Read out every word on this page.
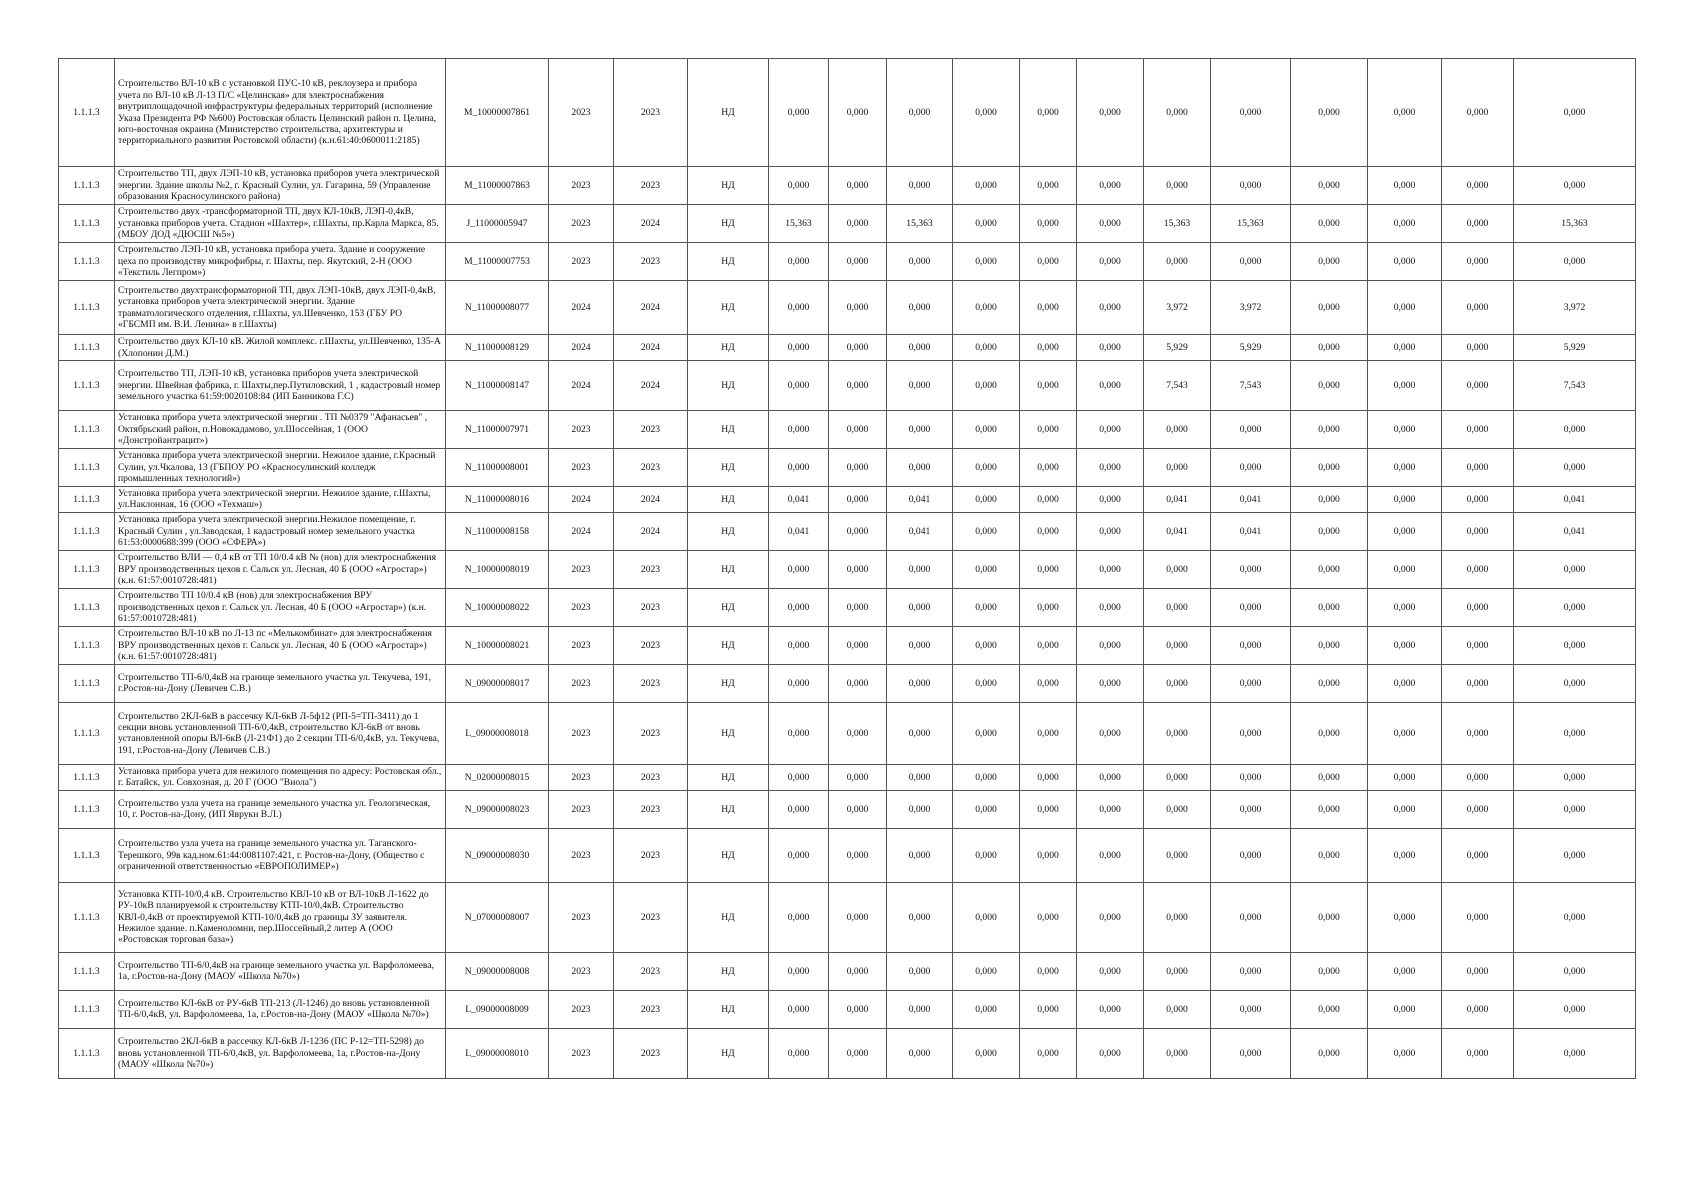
1.1.1.3	Строительство ВЛ-10 кВ с установкой ПУС-10 кВ, реклоузера и прибора учета по ВЛ-10 кВ Л-13 П/С «Целинская» для электроснабжения внутриплощадочной инфраструктуры федеральных территорий (исполнение Указа Президента РФ №600) Ростовская область Целинский район п. Целина, юго-восточная окраина (Министерство строительства, архитектуры и территориального развития Ростовской области) (к.н.61:40:0600011:2185)	M_10000007861	2023	2023	НД	0,000	0,000	0,000	0,000	0,000	0,000	0,000	0,000	0,000	0,000	0,000	0,000
1.1.1.3	Строительство ТП, двух ЛЭП-10 кВ, установка приборов учета электрической энергии. Здание школы №2, г. Красный Сулин, ул. Гагарина, 59 (Управление образования Красносулинского района)	M_11000007863	2023	2023	НД	0,000	0,000	0,000	0,000	0,000	0,000	0,000	0,000	0,000	0,000	0,000	0,000
1.1.1.3	Строительство двух -трансформаторной ТП, двух КЛ-10кВ, ЛЭП-0,4кВ, установка приборов учета. Стадион «Шахтер», г.Шахты, пр.Карла Маркса, 85. (МБОУ ДОД «ДЮСШ №5»)	J_11000005947	2023	2024	НД	15,363	0,000	15,363	0,000	0,000	0,000	15,363	15,363	0,000	0,000	0,000	15,363
1.1.1.3	Строительство ЛЭП-10 кВ, установка прибора учета. Здание и сооружение цеха по производству микрофибры, г. Шахты, пер. Якутский, 2-Н (ООО «Текстиль Легпром»)	M_11000007753	2023	2023	НД	0,000	0,000	0,000	0,000	0,000	0,000	0,000	0,000	0,000	0,000	0,000	0,000
1.1.1.3	Строительство двухтрансформаторной ТП, двух ЛЭП-10кВ, двух ЛЭП-0,4кВ, установка приборов учета электрической энергии. Здание травматологического отделения, г.Шахты, ул.Шевченко, 153 (ГБУ РО «ГБСМП им. В.И. Ленина» в г.Шахты)	N_11000008077	2024	2024	НД	0,000	0,000	0,000	0,000	0,000	0,000	3,972	3,972	0,000	0,000	0,000	3,972
1.1.1.3	Строительство двух КЛ-10 кВ. Жилой комплекс. г.Шахты, ул.Шевченко, 135-А (Хлопонин Д.М.)	N_11000008129	2024	2024	НД	0,000	0,000	0,000	0,000	0,000	0,000	5,929	5,929	0,000	0,000	0,000	5,929
1.1.1.3	Строительство ТП, ЛЭП-10 кВ, установка приборов учета электрической энергии. Швейная фабрика, г. Шахты,пер.Путиловский, 1 , кадастровый номер земельного участка 61:59:0020108:84 (ИП Банникова Г.С)	N_11000008147	2024	2024	НД	0,000	0,000	0,000	0,000	0,000	0,000	7,543	7,543	0,000	0,000	0,000	7,543
1.1.1.3	Установка прибора учета электрической энергии . ТП №0379 "Афанасьев" , Октябрьский район, п.Новокадамово, ул.Шоссейная, 1 (ООО «Донстройантрацит»)	N_11000007971	2023	2023	НД	0,000	0,000	0,000	0,000	0,000	0,000	0,000	0,000	0,000	0,000	0,000	0,000
1.1.1.3	Установка прибора учета электрической энергии. Нежилое здание, г.Красный Сулин, ул.Чкалова, 13 (ГБПОУ РО «Красносулинский колледж промышленных технологий»)	N_11000008001	2023	2023	НД	0,000	0,000	0,000	0,000	0,000	0,000	0,000	0,000	0,000	0,000	0,000	0,000
1.1.1.3	Установка прибора учета электрической энергии. Нежилое здание, г.Шахты, ул.Наклонная, 16 (ООО «Техмаш»)	N_11000008016	2024	2024	НД	0,041	0,000	0,041	0,000	0,000	0,000	0,041	0,041	0,000	0,000	0,000	0,041
1.1.1.3	Установка прибора учета электрической энергии.Нежилое помещение, г. Красный Сулин , ул.Заводская, 1 кадастровый номер земельного участка 61:53:0000688:399 (ООО «СФЕРА»)	N_11000008158	2024	2024	НД	0,041	0,000	0,041	0,000	0,000	0,000	0,041	0,041	0,000	0,000	0,000	0,041
1.1.1.3	Строительство ВЛИ — 0,4 кВ от ТП 10/0.4 кВ № (нов) для электроснабжения ВРУ производственных цехов г. Сальск ул. Лесная, 40 Б (ООО «Агростар») (к.н. 61:57:0010728:481)	N_10000008019	2023	2023	НД	0,000	0,000	0,000	0,000	0,000	0,000	0,000	0,000	0,000	0,000	0,000	0,000
1.1.1.3	Строительство ТП 10/0.4 кВ (нов) для электроснабжения ВРУ производственных цехов г. Сальск ул. Лесная, 40 Б (ООО «Агростар») (к.н. 61:57:0010728:481)	N_10000008022	2023	2023	НД	0,000	0,000	0,000	0,000	0,000	0,000	0,000	0,000	0,000	0,000	0,000	0,000
1.1.1.3	Строительство ВЛ-10 кВ по Л-13 пс «Мелькомбинат» для электроснабжения ВРУ производственных цехов г. Сальск ул. Лесная, 40 Б (ООО «Агростар») (к.н. 61:57:0010728:481)	N_10000008021	2023	2023	НД	0,000	0,000	0,000	0,000	0,000	0,000	0,000	0,000	0,000	0,000	0,000	0,000
1.1.1.3	Строительство ТП-6/0,4кВ на границе земельного участка ул. Текучева, 191, г.Ростов-на-Дону (Левичев С.В.)	N_09000008017	2023	2023	НД	0,000	0,000	0,000	0,000	0,000	0,000	0,000	0,000	0,000	0,000	0,000	0,000
1.1.1.3	Строительство 2КЛ-6кВ в рассечку КЛ-6кВ Л-5ф12 (РП-5=ТП-3411) до 1 секции вновь установленной ТП-6/0,4кВ, строительство КЛ-6кВ от вновь установленной опоры ВЛ-6кВ (Л-21Ф1) до 2 секции ТП-6/0,4кВ, ул. Текучева, 191, г.Ростов-на-Дону (Левичев С.В.)	L_09000008018	2023	2023	НД	0,000	0,000	0,000	0,000	0,000	0,000	0,000	0,000	0,000	0,000	0,000	0,000
1.1.1.3	Установка прибора учета для нежилого помещения по адресу: Ростовская обл., г. Батайск, ул. Совхозная, д. 20 Г (ООО "Виола")	N_02000008015	2023	2023	НД	0,000	0,000	0,000	0,000	0,000	0,000	0,000	0,000	0,000	0,000	0,000	0,000
1.1.1.3	Строительство узла учета на границе земельного участка ул. Геологическая, 10, г. Ростов-на-Дону, (ИП Яврукн В.Л.)	N_09000008023	2023	2023	НД	0,000	0,000	0,000	0,000	0,000	0,000	0,000	0,000	0,000	0,000	0,000	0,000
1.1.1.3	Строительство узла учета на границе земельного участка ул. Таганского-Терешкого, 99в кад.ном.61:44:0081107:421, г. Ростов-на-Дону, (Общество с ограниченной ответственностью «ЕВРОПОЛИМЕР»)	N_09000008030	2023	2023	НД	0,000	0,000	0,000	0,000	0,000	0,000	0,000	0,000	0,000	0,000	0,000	0,000
1.1.1.3	Установка КТП-10/0,4 кВ. Строительство КВЛ-10 кВ от ВЛ-10кВ Л-1622 до РУ-10кВ планируемой к строительству КТП-10/0,4кВ. Строительство КВЛ-0,4кВ от проектируемой КТП-10/0,4кВ до границы ЗУ заявителя. Нежилое здание. п.Каменоломни, пер.Шоссейный,2 литер А (ООО «Ростовская торговая база»)	N_07000008007	2023	2023	НД	0,000	0,000	0,000	0,000	0,000	0,000	0,000	0,000	0,000	0,000	0,000	0,000
1.1.1.3	Строительство ТП-6/0,4кВ на границе земельного участка ул. Варфоломеева, 1а, г.Ростов-на-Дону (МАОУ «Школа №70»)	N_09000008008	2023	2023	НД	0,000	0,000	0,000	0,000	0,000	0,000	0,000	0,000	0,000	0,000	0,000	0,000
1.1.1.3	Строительство КЛ-6кВ от РУ-6кВ ТП-213 (Л-1246) до вновь установленной ТП-6/0,4кВ, ул. Варфоломеева, 1а, г.Ростов-на-Дону (МАОУ «Школа №70»)	L_09000008009	2023	2023	НД	0,000	0,000	0,000	0,000	0,000	0,000	0,000	0,000	0,000	0,000	0,000	0,000
1.1.1.3	Строительство 2КЛ-6кВ в рассечку КЛ-6кВ Л-1236 (ПС Р-12=ТП-5298) до вновь установленной ТП-6/0,4кВ, ул. Варфоломеева, 1а, г.Ростов-на-Дону (МАОУ «Школа №70»)	L_09000008010	2023	2023	НД	0,000	0,000	0,000	0,000	0,000	0,000	0,000	0,000	0,000	0,000	0,000	0,000
